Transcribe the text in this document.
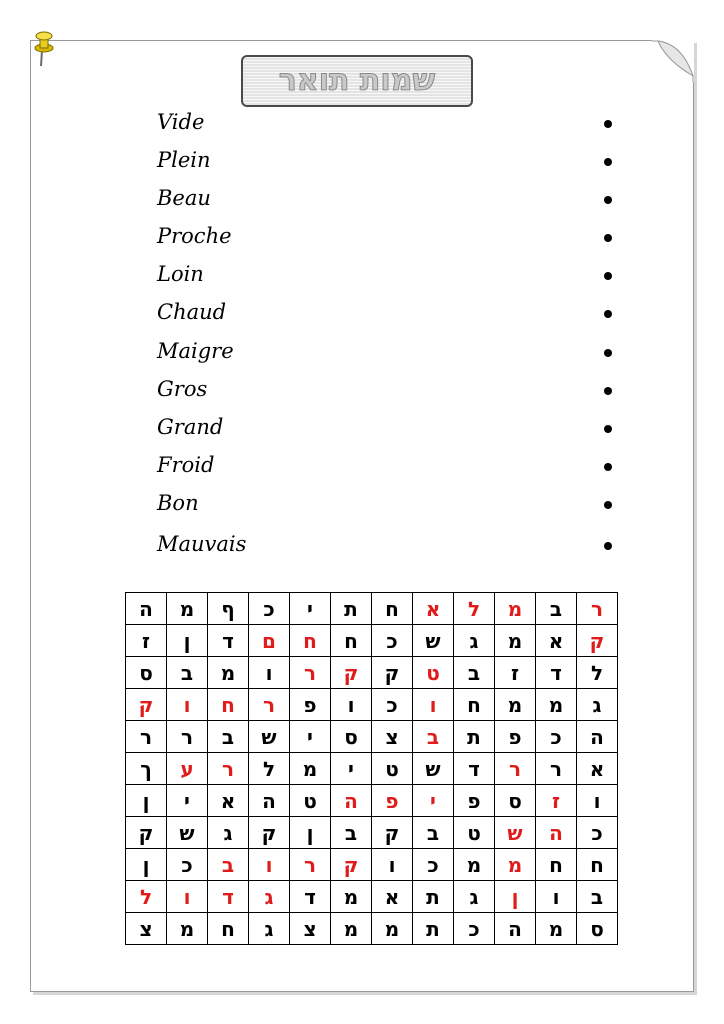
שמות תואר
Vide
Plein
Beau
Proche
Loin
Chaud
Maigre
Gros
Grand
Froid
Bon
Mauvais
ר	ב	מ	ל	א	ח	ת	י	כ	ף	מ	ה
ק	א	מ	ג	ש	כ	ח	ח	ם	ד	ן	ז
ל	ד	ז	ב	ט	ק	ק	ר	ו	מ	ב	ס
ג	מ	מ	ח	ו	כ	ו	פ	ר	ח	ו	ק
ה	כ	פ	ת	ב	צ	ס	י	ש	ב	ר	ר
א	ר	ר	ד	ש	ט	י	מ	ל	ר	ע	ך
ו	ז	ס	פ	י	פ	ה	ט	ה	א	י	ן
כ	ה	ש	ט	ב	ק	ב	ן	ק	ג	ש	ק
ח	ח	מ	מ	כ	ו	ק	ר	ו	ב	כ	ן
ב	ו	ן	ג	ת	א	מ	ד	ג	ד	ו	ל
ס	מ	ה	כ	ת	מ	מ	צ	ג	ח	מ	צ
